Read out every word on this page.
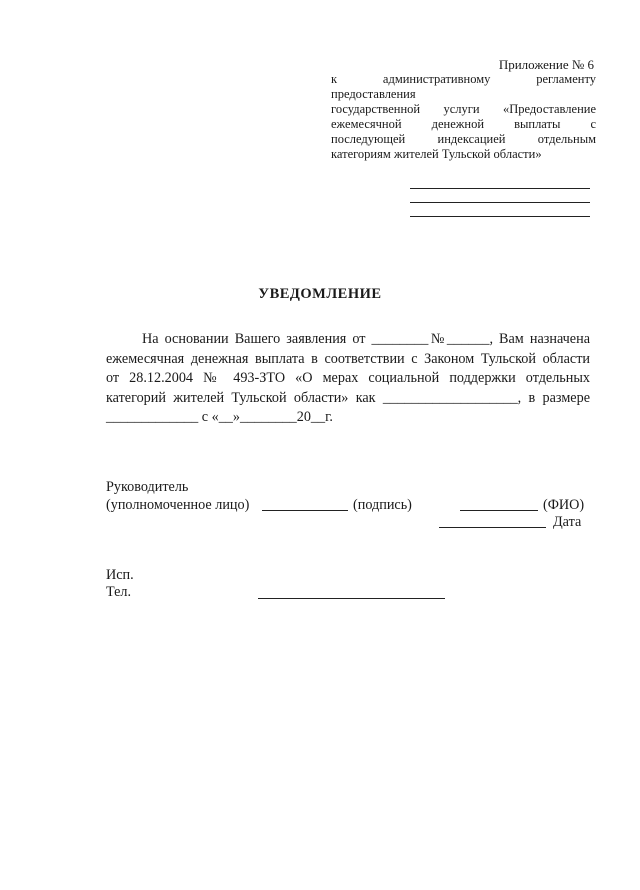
Приложение № 6
к административному регламенту предоставления
государственной услуги «Предоставление
ежемесячной денежной выплаты с
последующей индексацией отдельным
категориям жителей Тульской области»
УВЕДОМЛЕНИЕ
На основании Вашего заявления от ________№______, Вам назначена
ежемесячная денежная выплата в соответствии с Законом Тульской области
от 28.12.2004 № 493-ЗТО «О мерах социальной поддержки отдельных
категорий жителей Тульской области» как ___________________, в размере
_____________ с «__»________20__г.
Руководитель
(уполномоченное лицо)	(подпись)	(ФИО)
Дата
Исп.
Тел.
